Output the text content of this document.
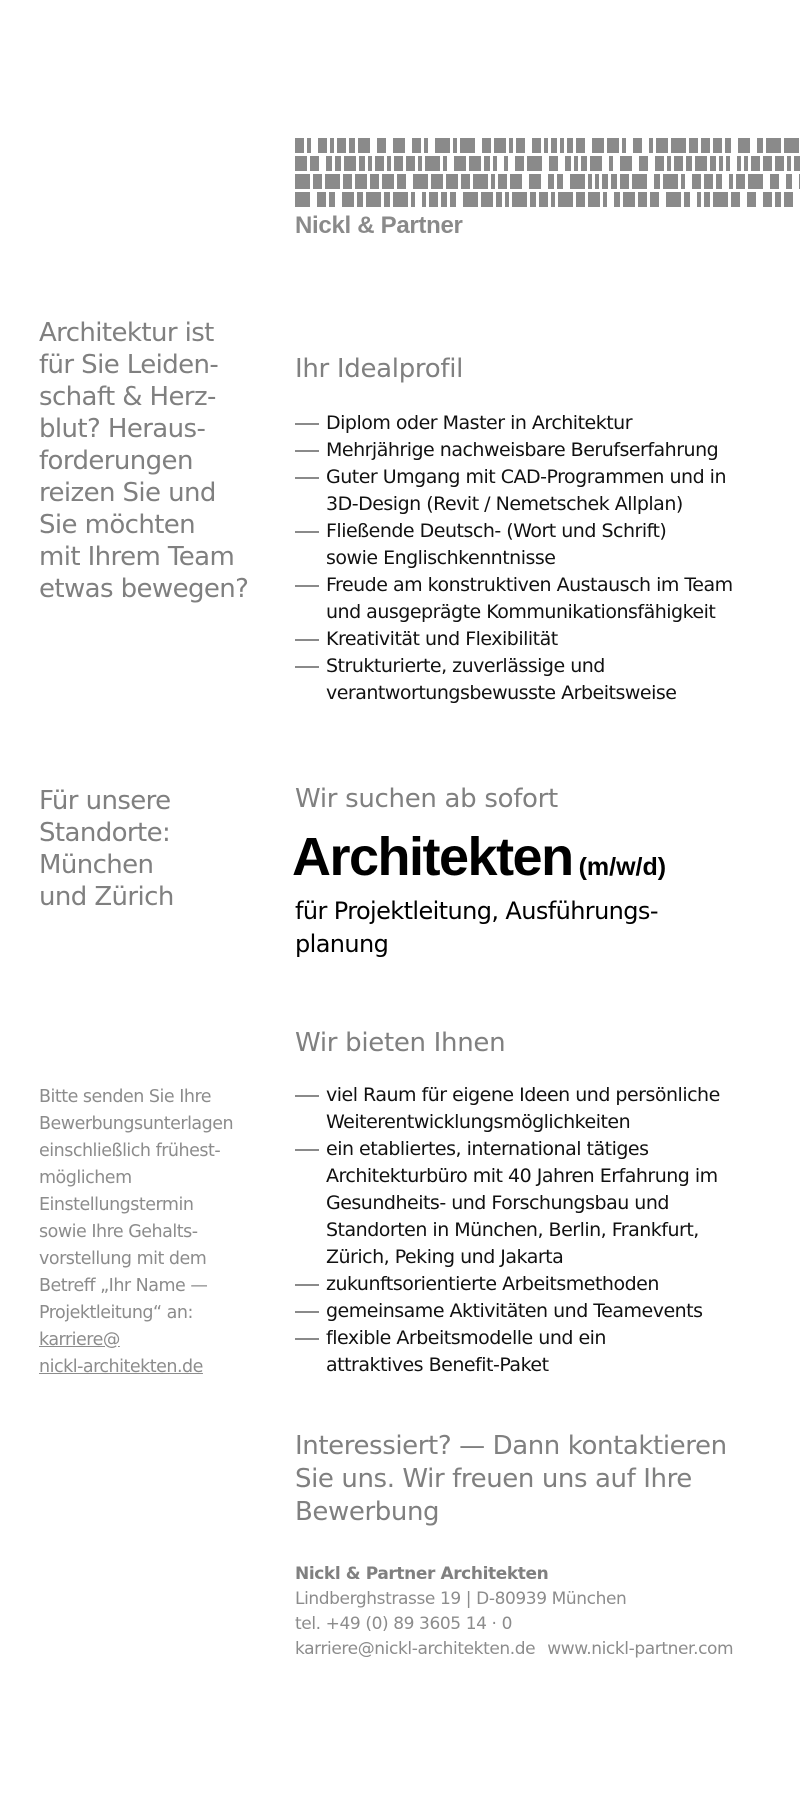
Nickl & Partner
Architektur ist
für Sie Leiden-
schaft & Herz-
blut? Heraus-
forderungen
reizen Sie und
Sie möchten
mit Ihrem Team
etwas bewegen?
Ihr Idealprofil
Diplom oder Master in Architektur
Mehrjährige nachweisbare Berufserfahrung
Guter Umgang mit CAD-Programmen und in
3D-Design (Revit / Nemetschek Allplan)
Fließende Deutsch- (Wort und Schrift)
sowie Englischkenntnisse
Freude am konstruktiven Austausch im Team
und ausgeprägte Kommunikationsfähigkeit
Kreativität und Flexibilität
Strukturierte, zuverlässige und
verantwortungsbewusste Arbeitsweise
Für unsere
Standorte:
München
und Zürich
Wir suchen ab sofort
Architekten (m/w/d)
für Projektleitung, Ausführungs-
planung
Wir bieten Ihnen
Bitte senden Sie Ihre
Bewerbungsunterlagen
einschließlich frühest-
möglichem
Einstellungstermin
sowie Ihre Gehalts-
vorstellung mit dem
Betreff „Ihr Name —
Projektleitung“ an:
karriere@
nickl-architekten.de
viel Raum für eigene Ideen und persönliche
Weiterentwicklungsmöglichkeiten
ein etabliertes, international tätiges
Architekturbüro mit 40 Jahren Erfahrung im
Gesundheits- und Forschungsbau und
Standorten in München, Berlin, Frankfurt,
Zürich, Peking und Jakarta
zukunftsorientierte Arbeitsmethoden
gemeinsame Aktivitäten und Teamevents
flexible Arbeitsmodelle und ein
attraktives Benefit-Paket
Interessiert? — Dann kontaktieren
Sie uns. Wir freuen uns auf Ihre
Bewerbung
Nickl & Partner Architekten
Lindberghstrasse 19 | D-80939 München
tel. +49 (0) 89 3605 14 · 0
karriere@nickl-architekten.de www.nickl-partner.com
